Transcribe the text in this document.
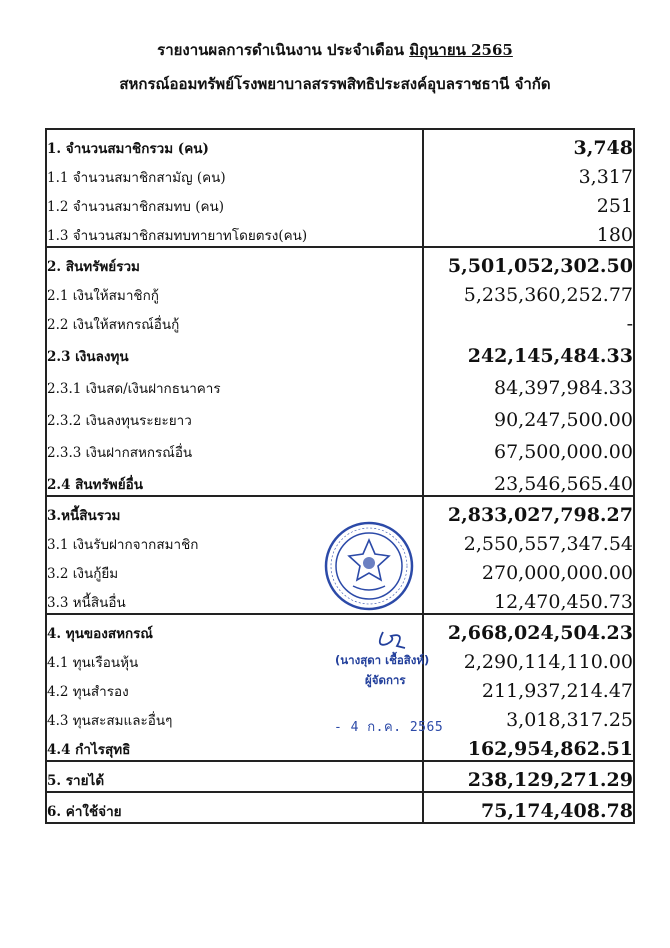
รายงานผลการดำเนินงาน ประจำเดือน มิถุนายน 2565
สหกรณ์ออมทรัพย์โรงพยาบาลสรรพสิทธิประสงค์อุบลราชธานี จำกัด
1. จำนวนสมาชิกรวม (คน)	3,748
1.1 จำนวนสมาชิกสามัญ (คน)	3,317
1.2 จำนวนสมาชิกสมทบ (คน)	251
1.3 จำนวนสมาชิกสมทบทายาทโดยตรง(คน)	180
2. สินทรัพย์รวม	5,501,052,302.50
2.1 เงินให้สมาชิกกู้	5,235,360,252.77
2.2 เงินให้สหกรณ์อื่นกู้	-
2.3 เงินลงทุน	242,145,484.33
2.3.1 เงินสด/เงินฝากธนาคาร	84,397,984.33
2.3.2 เงินลงทุนระยะยาว	90,247,500.00
2.3.3 เงินฝากสหกรณ์อื่น	67,500,000.00
2.4 สินทรัพย์อื่น	23,546,565.40
3.หนี้สินรวม	2,833,027,798.27
3.1 เงินรับฝากจากสมาชิก	2,550,557,347.54
3.2 เงินกู้ยืม	270,000,000.00
3.3 หนี้สินอื่น	12,470,450.73
4. ทุนของสหกรณ์	2,668,024,504.23
4.1 ทุนเรือนหุ้น	2,290,114,110.00
4.2 ทุนสำรอง	211,937,214.47
4.3 ทุนสะสมและอื่นๆ	3,018,317.25
4.4 กำไรสุทธิ	162,954,862.51
5. รายได้	238,129,271.29
6. ค่าใช้จ่าย	75,174,408.78
(นางสุดา เชื้อสิงห์)
ผู้จัดการ
- 4 ก.ค. 2565
